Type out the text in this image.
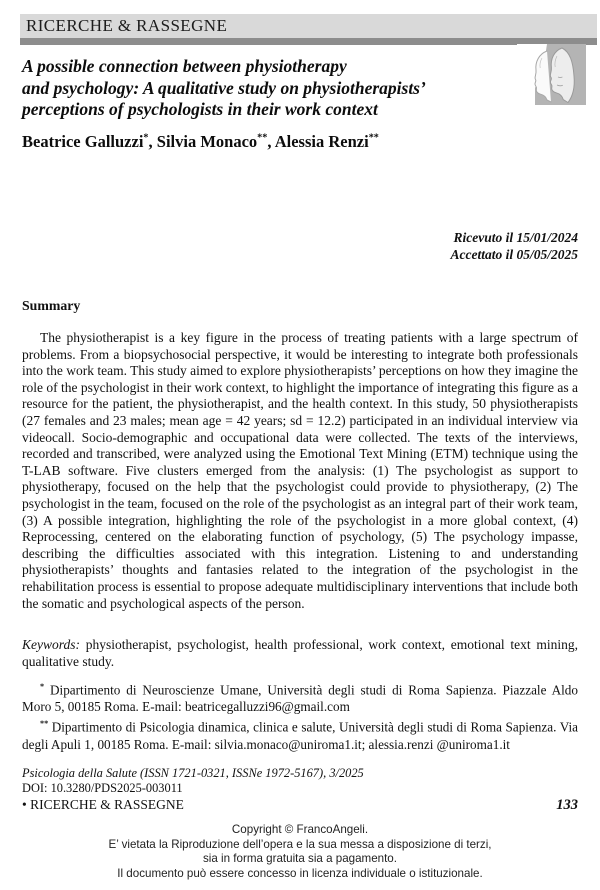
RICERCHE & RASSEGNE
A possible connection between physiotherapy
and psychology: A qualitative study on physiotherapists’
perceptions of psychologists in their work context
Beatrice Galluzzi*, Silvia Monaco**, Alessia Renzi**
Ricevuto il 15/01/2024
Accettato il 05/05/2025
Summary

The physiotherapist is a key figure in the process of treating patients with a large spectrum of problems. From a biopsychosocial perspective, it would be interesting to integrate both professionals into the work team. This study aimed to explore physiotherapists’ perceptions on how they imagine the role of the psychologist in their work context, to highlight the importance of integrating this figure as a resource for the patient, the physiotherapist, and the health context. In this study, 50 physiotherapists (27 females and 23 males; mean age = 42 years; sd = 12.2) participated in an individual interview via videocall. Socio-demographic and occupational data were collected. The texts of the interviews, recorded and transcribed, were analyzed using the Emotional Text Mining (ETM) technique using the T-LAB software. Five clusters emerged from the analysis: (1) The psychologist as support to physiotherapy, focused on the help that the psychologist could provide to physiotherapy, (2) The psychologist in the team, focused on the role of the psychologist as an integral part of their work team, (3) A possible integration, highlighting the role of the psychologist in a more global context, (4) Reprocessing, centered on the elaborating function of psychology, (5) The psychology impasse, describing the difficulties associated with this integration. Listening to and understanding physiotherapists’ thoughts and fantasies related to the integration of the psychologist in the rehabilitation process is essential to propose adequate multidisciplinary interventions that include both the somatic and psychological aspects of the person.

Keywords: physiotherapist, psychologist, health professional, work context, emotional text mining, qualitative study.

* Dipartimento di Neuroscienze Umane, Università degli studi di Roma Sapienza. Piazzale Aldo Moro 5, 00185 Roma. E-mail: beatricegalluzzi96@gmail.com

** Dipartimento di Psicologia dinamica, clinica e salute, Università degli studi di Roma Sapienza. Via degli Apuli 1, 00185 Roma. E-mail: silvia.monaco@uniroma1.it; alessia.renzi @uniroma1.it

Psicologia della Salute (ISSN 1721-0321, ISSNe 1972-5167), 3/2025
DOI: 10.3280/PDS2025-003011
• RICERCHE & RASSEGNE	133
Copyright © FrancoAngeli.
E’ vietata la Riproduzione dell’opera e la sua messa a disposizione di terzi,
sia in forma gratuita sia a pagamento.
Il documento può essere concesso in licenza individuale o istituzionale.
